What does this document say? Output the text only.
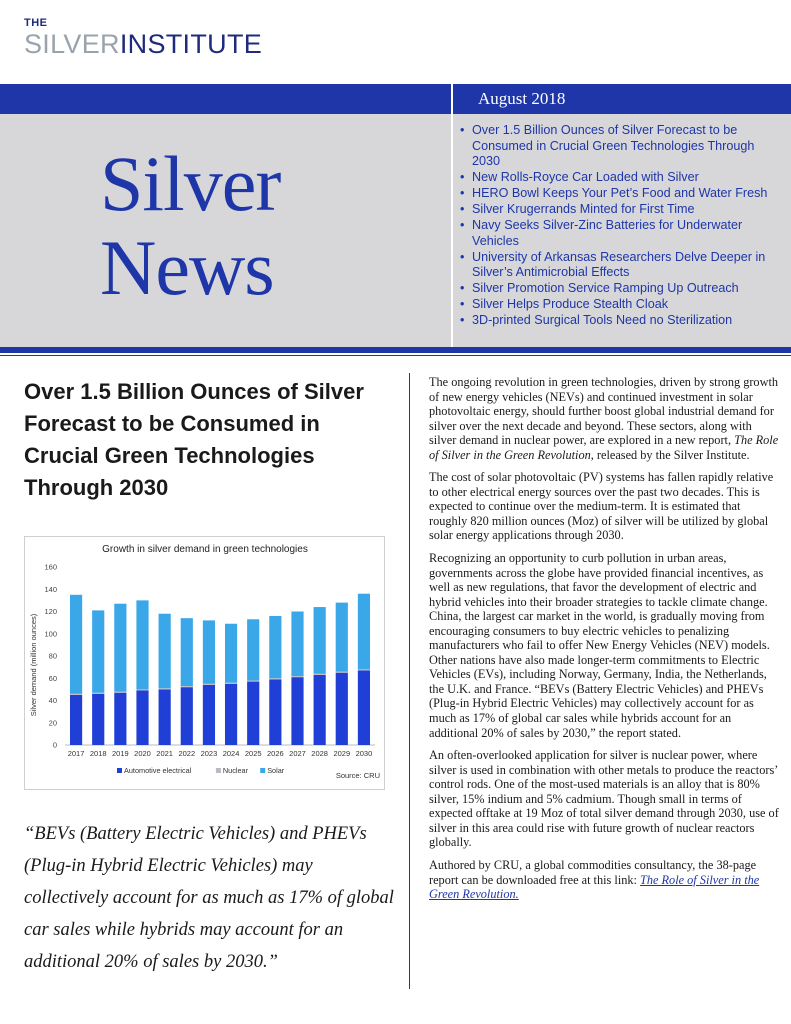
THE
SILVERINSTITUTE
August 2018
Silver
News
• Over 1.5 Billion Ounces of Silver Forecast to be Consumed in Crucial Green Technologies Through 2030
• New Rolls-Royce Car Loaded with Silver
• HERO Bowl Keeps Your Pet’s Food and Water Fresh
• Silver Krugerrands Minted for First Time
• Navy Seeks Silver-Zinc Batteries for Underwater Vehicles
• University of Arkansas Researchers Delve Deeper in Silver’s Antimicrobial Effects
• Silver Promotion Service Ramping Up Outreach
• Silver Helps Produce Stealth Cloak
• 3D-printed Surgical Tools Need no Sterilization
Over 1.5 Billion Ounces of Silver Forecast to be Consumed in Crucial Green Technologies Through 2030
Growth in silver demand in green technologies
Silver demand (million ounces)
0
20
40
60
80
100
120
140
160
2017 2018 2019 2020 2021 2022 2023 2024 2025 2026 2027 2028 2029 2030
Automotive electrical	Nuclear	Solar
Source: CRU
“BEVs (Battery Electric Vehicles) and PHEVs (Plug-in Hybrid Electric Vehicles) may collectively account for as much as 17% of global car sales while hybrids may account for an additional 20% of sales by 2030.”

The ongoing revolution in green technologies, driven by strong growth of new energy vehicles (NEVs) and continued investment in solar photovoltaic energy, should further boost global industrial demand for silver over the next decade and beyond. These sectors, along with silver demand in nuclear power, are explored in a new report, The Role of Silver in the Green Revolution, released by the Silver Institute.

The cost of solar photovoltaic (PV) systems has fallen rapidly relative to other electrical energy sources over the past two decades. This is expected to continue over the medium-term. It is estimated that roughly 820 million ounces (Moz) of silver will be utilized by global solar energy applications through 2030.

Recognizing an opportunity to curb pollution in urban areas, governments across the globe have provided financial incentives, as well as new regulations, that favor the development of electric and hybrid vehicles into their broader strategies to tackle climate change. China, the largest car market in the world, is gradually moving from encouraging consumers to buy electric vehicles to penalizing manufacturers who fail to offer New Energy Vehicles (NEV) models. Other nations have also made longer-term commitments to Electric Vehicles (EVs), including Norway, Germany, India, the Netherlands, the U.K. and France. “BEVs (Battery Electric Vehicles) and PHEVs (Plug-in Hybrid Electric Vehicles) may collectively account for as much as 17% of global car sales while hybrids account for an additional 20% of sales by 2030,” the report stated.

An often-overlooked application for silver is nuclear power, where silver is used in combination with other metals to produce the reactors’ control rods. One of the most-used materials is an alloy that is 80% silver, 15% indium and 5% cadmium. Though small in terms of expected offtake at 19 Moz of total silver demand through 2030, use of silver in this area could rise with future growth of nuclear reactors globally.

Authored by CRU, a global commodities consultancy, the 38-page report can be downloaded free at this link: The Role of Silver in the Green Revolution.
